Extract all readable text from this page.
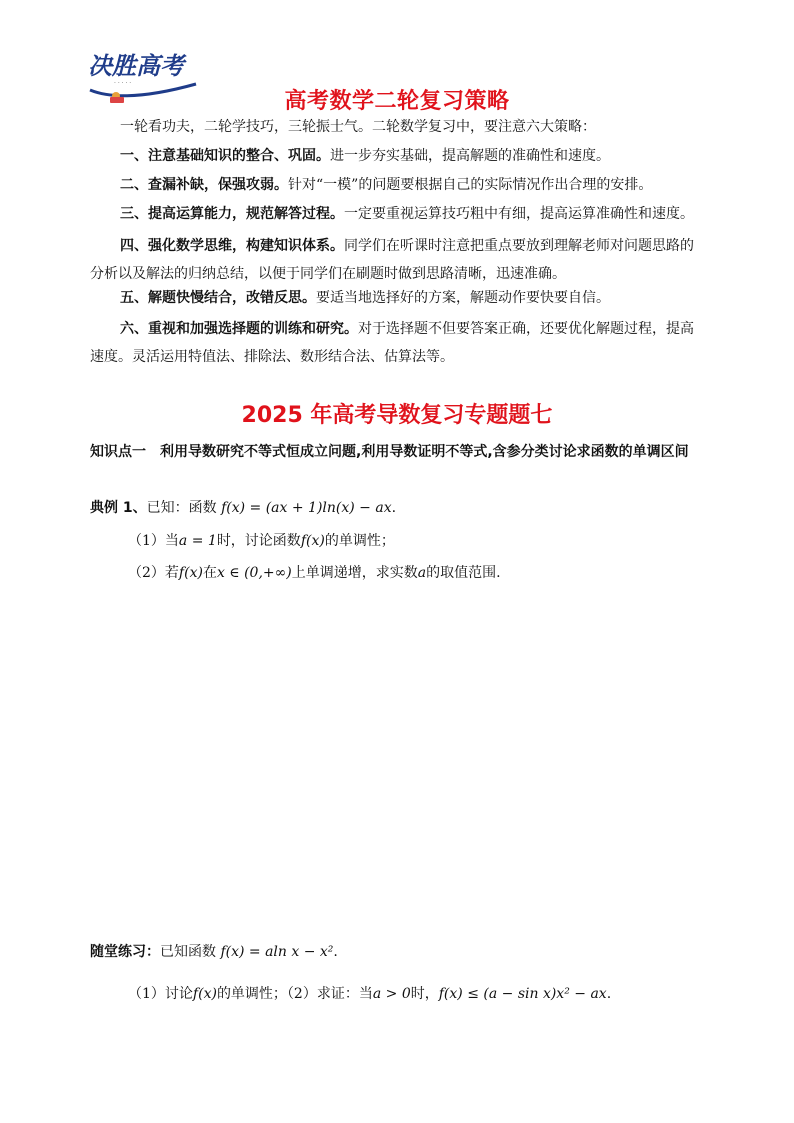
决胜高考
· · · · ·
高考数学二轮复习策略
一轮看功夫，二轮学技巧，三轮振士气。二轮数学复习中，要注意六大策略：
一、注意基础知识的整合、巩固。进一步夯实基础，提高解题的准确性和速度。
二、查漏补缺，保强攻弱。针对“一模”的问题要根据自己的实际情况作出合理的安排。
三、提高运算能力，规范解答过程。一定要重视运算技巧粗中有细，提高运算准确性和速度。
四、强化数学思维，构建知识体系。同学们在听课时注意把重点要放到理解老师对问题思路的分析以及解法的归纳总结，以便于同学们在刷题时做到思路清晰，迅速准确。
五、解题快慢结合，改错反思。要适当地选择好的方案，解题动作要快要自信。
六、重视和加强选择题的训练和研究。对于选择题不但要答案正确，还要优化解题过程，提高速度。灵活运用特值法、排除法、数形结合法、估算法等。
2025 年高考导数复习专题题七
知识点一 利用导数研究不等式恒成立问题,利用导数证明不等式,含参分类讨论求函数的单调区间
典例 1、已知：函数 f(x) = (ax + 1)ln(x) − ax.
（1）当a = 1时，讨论函数f(x)的单调性；
（2）若f(x)在x ∈ (0,+∞)上单调递增，求实数a的取值范围.
随堂练习：已知函数 f(x) = aln x − x².
（1）讨论f(x)的单调性；（2）求证：当a > 0时，f(x) ≤ (a − sin x)x² − ax.
